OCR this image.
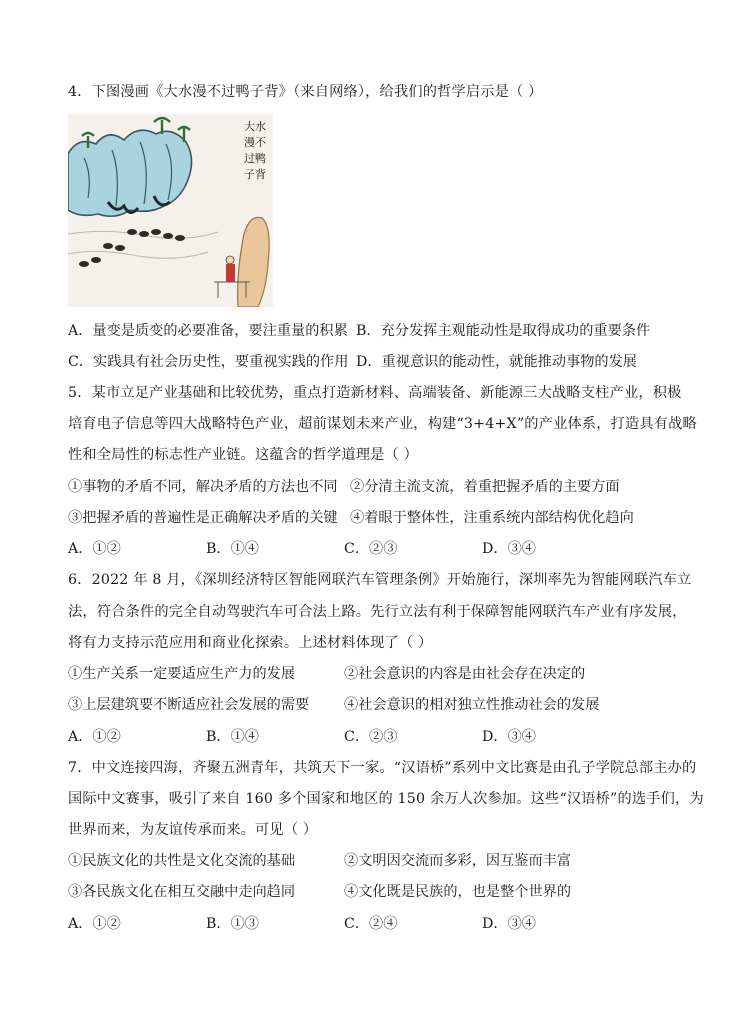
4．下图漫画《大水漫不过鸭子背》（来自网络），给我们的哲学启示是（ ）
大水
漫不
过鸭
子背
A．量变是质变的必要准备，要注重量的积累 B．充分发挥主观能动性是取得成功的重要条件
C．实践具有社会历史性，要重视实践的作用 D．重视意识的能动性，就能推动事物的发展
5．某市立足产业基础和比较优势，重点打造新材料、高端装备、新能源三大战略支柱产业，积极
培育电子信息等四大战略特色产业，超前谋划未来产业，构建“3+4+X”的产业体系，打造具有战略
性和全局性的标志性产业链。这蕴含的哲学道理是（ ）
①事物的矛盾不同，解决矛盾的方法也不同 ②分清主流支流，着重把握矛盾的主要方面
③把握矛盾的普遍性是正确解决矛盾的关键 ④着眼于整体性，注重系统内部结构优化趋向
A．①②	B．①④	C．②③	D．③④
6．2022 年 8 月，《深圳经济特区智能网联汽车管理条例》开始施行，深圳率先为智能网联汽车立
法，符合条件的完全自动驾驶汽车可合法上路。先行立法有利于保障智能网联汽车产业有序发展，
将有力支持示范应用和商业化探索。上述材料体现了（ ）
①生产关系一定要适应生产力的发展	②社会意识的内容是由社会存在决定的
③上层建筑要不断适应社会发展的需要 ④社会意识的相对独立性推动社会的发展
A．①②	B．①④	C．②③	D．③④
7．中文连接四海，齐聚五洲青年，共筑天下一家。“汉语桥”系列中文比赛是由孔子学院总部主办的
国际中文赛事，吸引了来自 160 多个国家和地区的 150 余万人次参加。这些“汉语桥”的选手们，为
世界而来，为友谊传承而来。可见（ ）
①民族文化的共性是文化交流的基础	②文明因交流而多彩，因互鉴而丰富
③各民族文化在相互交融中走向趋同	④文化既是民族的，也是整个世界的
A．①②	B．①③	C．②④	D．③④
